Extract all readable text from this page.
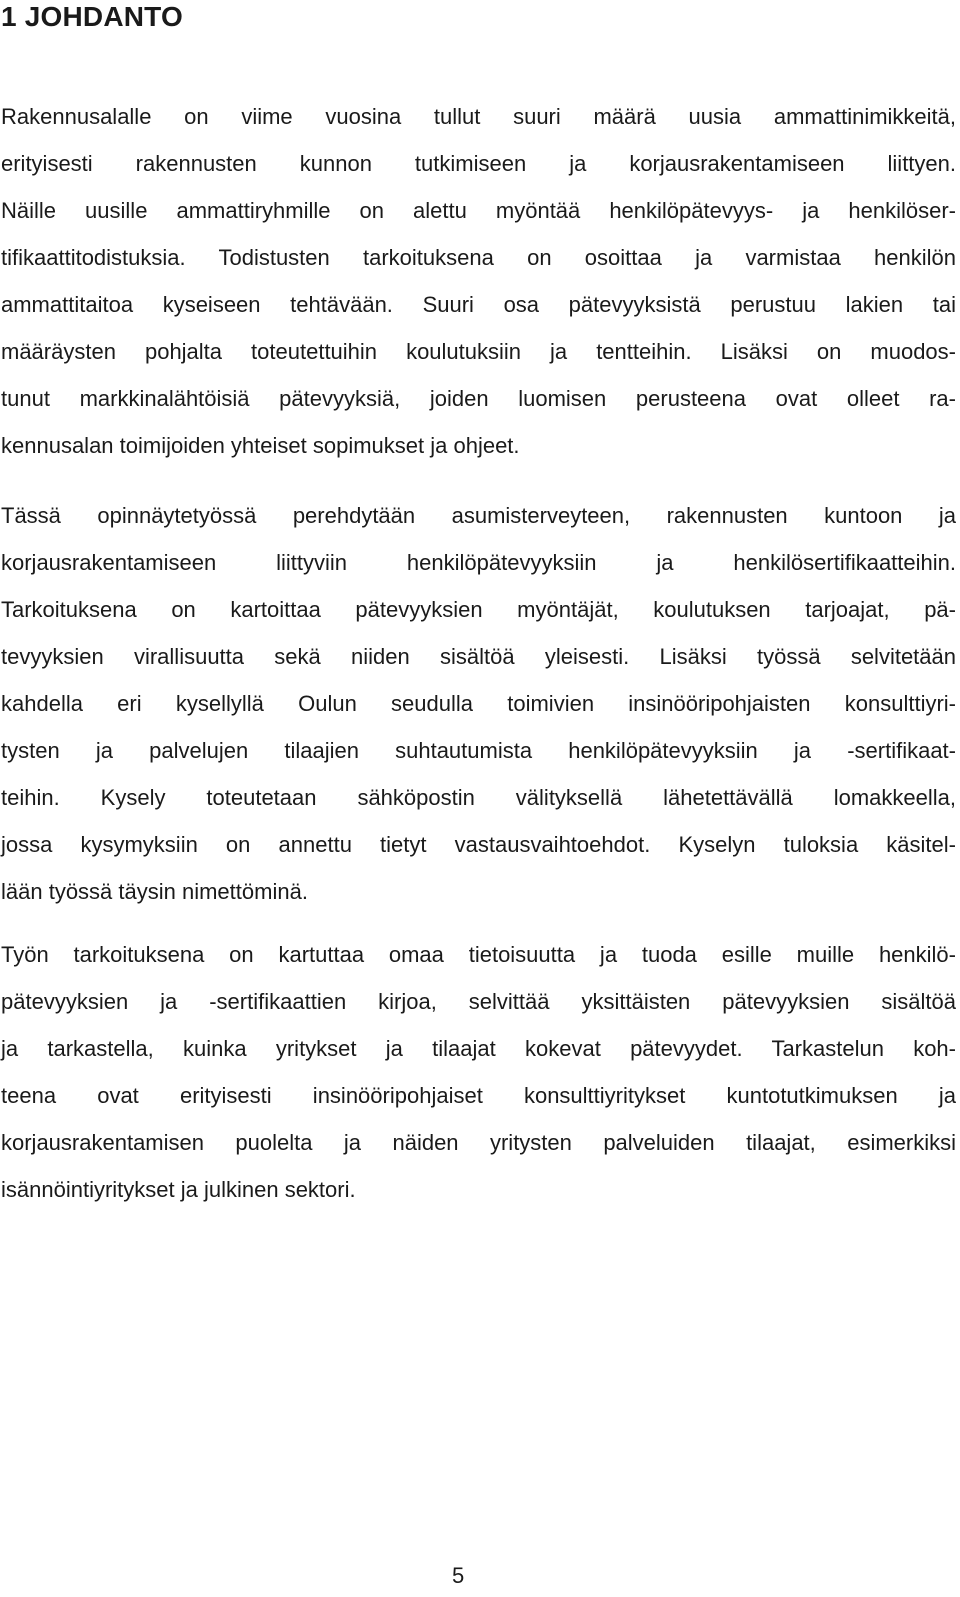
1 JOHDANTO
Rakennusalalle on viime vuosina tullut suuri määrä uusia ammattinimikkeitä,
erityisesti rakennusten kunnon tutkimiseen ja korjausrakentamiseen liittyen.
Näille uusille ammattiryhmille on alettu myöntää henkilöpätevyys- ja henkilöser-
tifikaattitodistuksia. Todistusten tarkoituksena on osoittaa ja varmistaa henkilön
ammattitaitoa kyseiseen tehtävään. Suuri osa pätevyyksistä perustuu lakien tai
määräysten pohjalta toteutettuihin koulutuksiin ja tentteihin. Lisäksi on muodos-
tunut markkinalähtöisiä pätevyyksiä, joiden luomisen perusteena ovat olleet ra-
kennusalan toimijoiden yhteiset sopimukset ja ohjeet.
Tässä opinnäytetyössä perehdytään asumisterveyteen, rakennusten kuntoon ja
korjausrakentamiseen liittyviin henkilöpätevyyksiin ja henkilösertifikaatteihin.
Tarkoituksena on kartoittaa pätevyyksien myöntäjät, koulutuksen tarjoajat, pä-
tevyyksien virallisuutta sekä niiden sisältöä yleisesti. Lisäksi työssä selvitetään
kahdella eri kysellyllä Oulun seudulla toimivien insinööripohjaisten konsulttiyri-
tysten ja palvelujen tilaajien suhtautumista henkilöpätevyyksiin ja -sertifikaat-
teihin. Kysely toteutetaan sähköpostin välityksellä lähetettävällä lomakkeella,
jossa kysymyksiin on annettu tietyt vastausvaihtoehdot. Kyselyn tuloksia käsitel-
lään työssä täysin nimettöminä.
Työn tarkoituksena on kartuttaa omaa tietoisuutta ja tuoda esille muille henkilö-
pätevyyksien ja -sertifikaattien kirjoa, selvittää yksittäisten pätevyyksien sisältöä
ja tarkastella, kuinka yritykset ja tilaajat kokevat pätevyydet. Tarkastelun koh-
teena ovat erityisesti insinööripohjaiset konsulttiyritykset kuntotutkimuksen ja
korjausrakentamisen puolelta ja näiden yritysten palveluiden tilaajat, esimerkiksi
isännöintiyritykset ja julkinen sektori.
5
